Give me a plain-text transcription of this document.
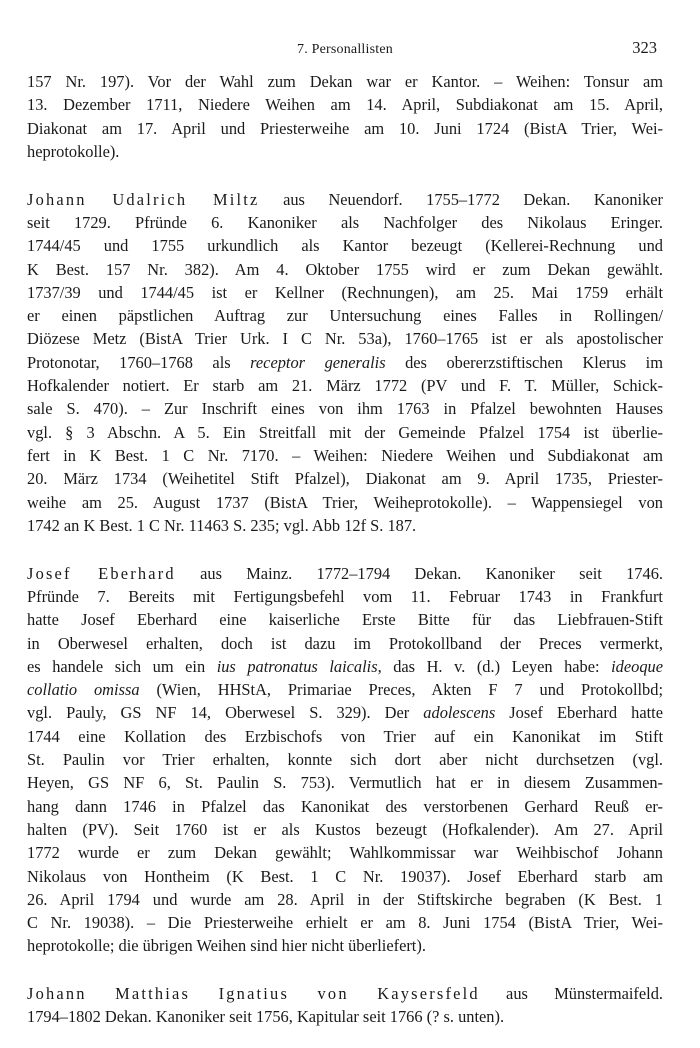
7. Personallisten	323
157 Nr. 197). Vor der Wahl zum Dekan war er Kantor. – Weihen: Tonsur am
13. Dezember 1711, Niedere Weihen am 14. April, Subdiakonat am 15. April,
Diakonat am 17. April und Priesterweihe am 10. Juni 1724 (BistA Trier, Wei-
heprotokolle).
Johann Udalrich Miltz aus Neuendorf. 1755–1772 Dekan. Kanoniker
seit 1729. Pfründe 6. Kanoniker als Nachfolger des Nikolaus Eringer.
1744/45 und 1755 urkundlich als Kantor bezeugt (Kellerei-Rechnung und
K Best. 157 Nr. 382). Am 4. Oktober 1755 wird er zum Dekan gewählt.
1737/39 und 1744/45 ist er Kellner (Rechnungen), am 25. Mai 1759 erhält
er einen päpstlichen Auftrag zur Untersuchung eines Falles in Rollingen/
Diözese Metz (BistA Trier Urk. I C Nr. 53a), 1760–1765 ist er als apostolischer
Protonotar, 1760–1768 als receptor generalis des obererzstiftischen Klerus im
Hofkalender notiert. Er starb am 21. März 1772 (PV und F. T. Müller, Schick-
sale S. 470). – Zur Inschrift eines von ihm 1763 in Pfalzel bewohnten Hauses
vgl. § 3 Abschn. A 5. Ein Streitfall mit der Gemeinde Pfalzel 1754 ist überlie-
fert in K Best. 1 C Nr. 7170. – Weihen: Niedere Weihen und Subdiakonat am
20. März 1734 (Weihetitel Stift Pfalzel), Diakonat am 9. April 1735, Priester-
weihe am 25. August 1737 (BistA Trier, Weiheprotokolle). – Wappensiegel von
1742 an K Best. 1 C Nr. 11463 S. 235; vgl. Abb 12f S. 187.
Josef Eberhard aus Mainz. 1772–1794 Dekan. Kanoniker seit 1746.
Pfründe 7. Bereits mit Fertigungsbefehl vom 11. Februar 1743 in Frankfurt
hatte Josef Eberhard eine kaiserliche Erste Bitte für das Liebfrauen-Stift
in Oberwesel erhalten, doch ist dazu im Protokollband der Preces vermerkt,
es handele sich um ein ius patronatus laicalis, das H. v. (d.) Leyen habe: ideoque
collatio omissa (Wien, HHStA, Primariae Preces, Akten F 7 und Protokollbd;
vgl. Pauly, GS NF 14, Oberwesel S. 329). Der adolescens Josef Eberhard hatte
1744 eine Kollation des Erzbischofs von Trier auf ein Kanonikat im Stift
St. Paulin vor Trier erhalten, konnte sich dort aber nicht durchsetzen (vgl.
Heyen, GS NF 6, St. Paulin S. 753). Vermutlich hat er in diesem Zusammen-
hang dann 1746 in Pfalzel das Kanonikat des verstorbenen Gerhard Reuß er-
halten (PV). Seit 1760 ist er als Kustos bezeugt (Hofkalender). Am 27. April
1772 wurde er zum Dekan gewählt; Wahlkommissar war Weihbischof Johann
Nikolaus von Hontheim (K Best. 1 C Nr. 19037). Josef Eberhard starb am
26. April 1794 und wurde am 28. April in der Stiftskirche begraben (K Best. 1
C Nr. 19038). – Die Priesterweihe erhielt er am 8. Juni 1754 (BistA Trier, Wei-
heprotokolle; die übrigen Weihen sind hier nicht überliefert).
Johann Matthias Ignatius von Kaysersfeld aus Münstermaifeld.
1794–1802 Dekan. Kanoniker seit 1756, Kapitular seit 1766 (? s. unten).
